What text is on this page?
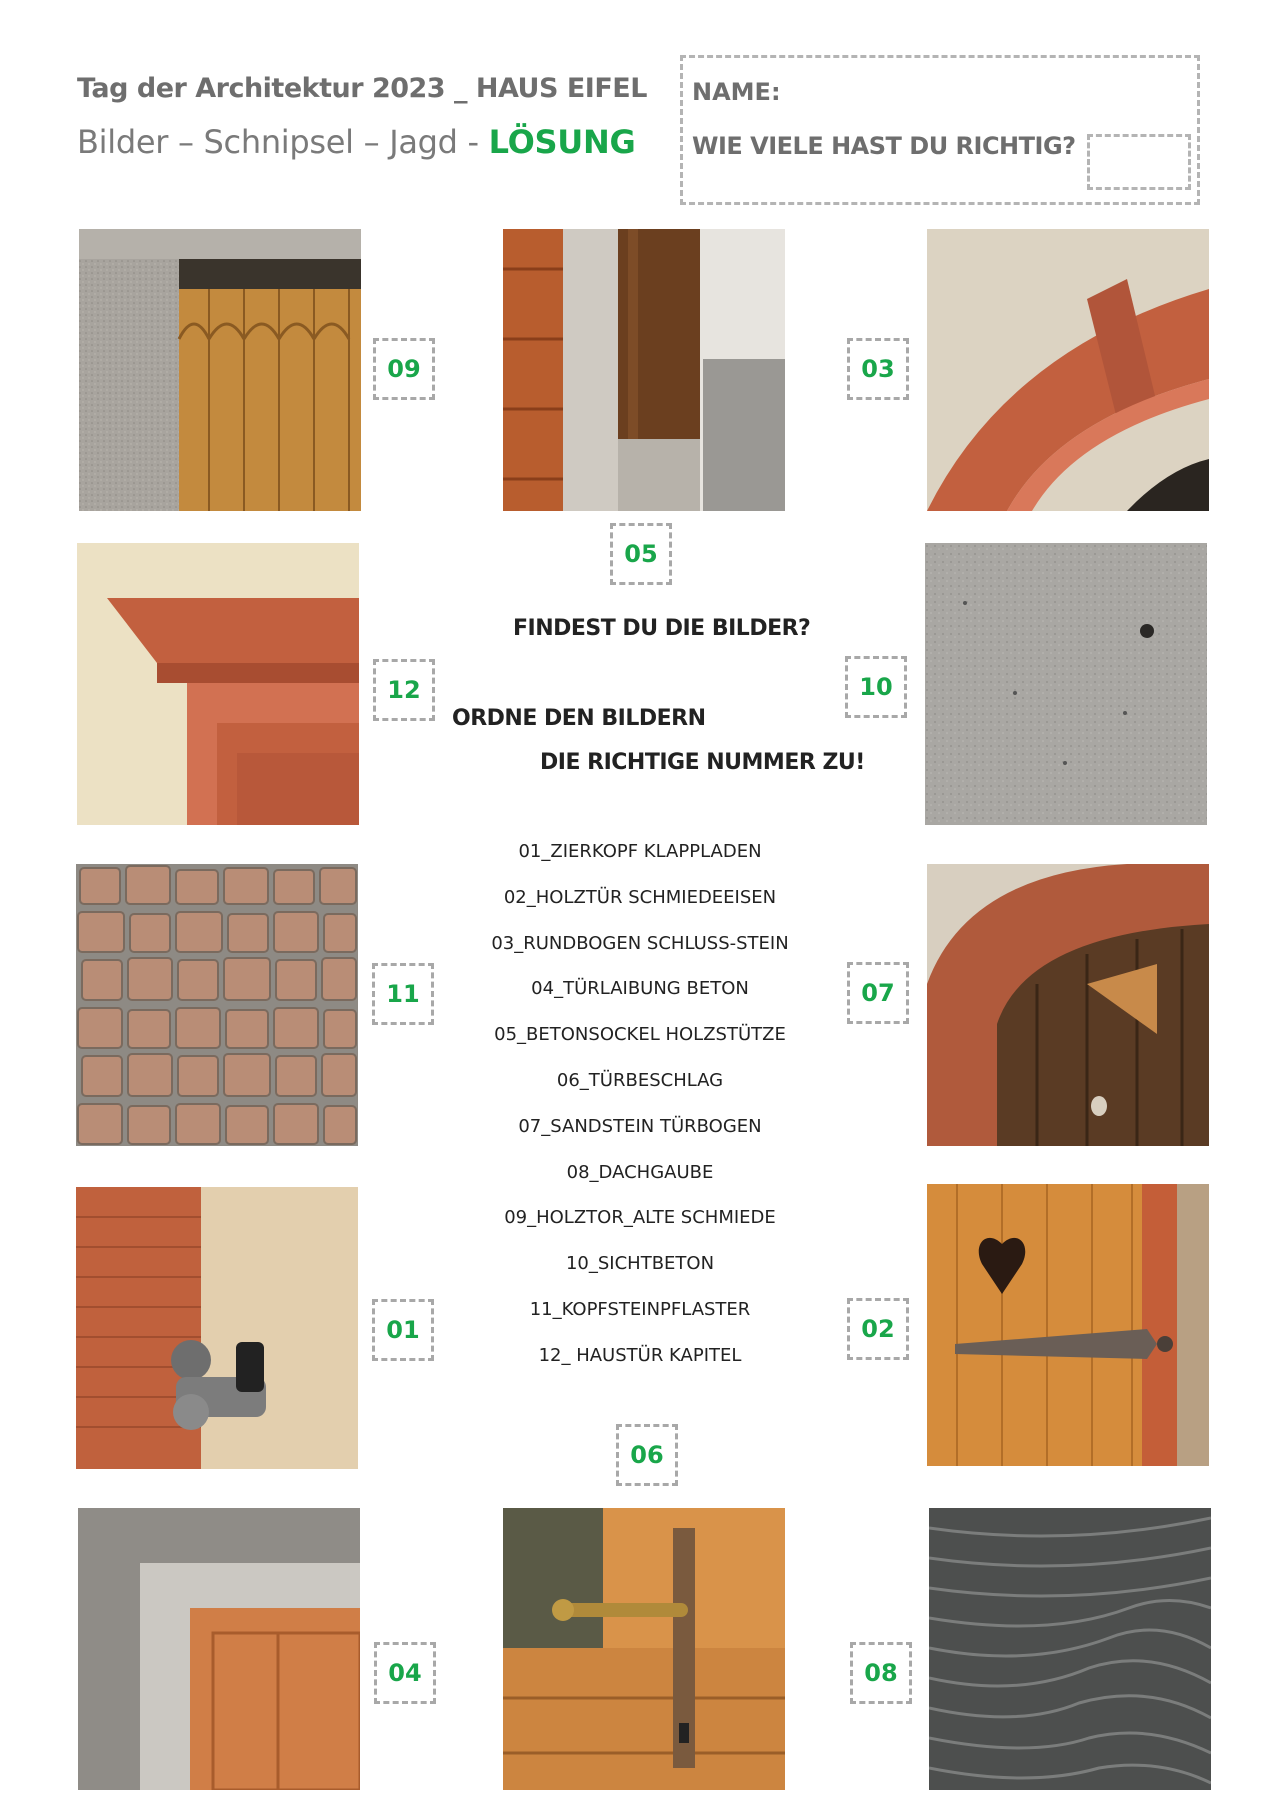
Tag der Architektur 2023 _ HAUS EIFEL
Bilder – Schnipsel – Jagd - LÖSUNG
NAME:
WIE VIELE HAST DU RICHTIG?
09
05
03
12	10
FINDEST DU DIE BILDER?
ORDNE DEN BILDERN
DIE RICHTIGE NUMMER ZU!
01_ZIERKOPF KLAPPLADEN
02_HOLZTÜR SCHMIEDEEISEN
03_RUNDBOGEN SCHLUSS-STEIN
04_TÜRLAIBUNG BETON
05_BETONSOCKEL HOLZSTÜTZE
06_TÜRBESCHLAG
07_SANDSTEIN TÜRBOGEN
08_DACHGAUBE
09_HOLZTOR_ALTE SCHMIEDE
10_SICHTBETON
11_KOPFSTEINPFLASTER
12_ HAUSTÜR KAPITEL
11	07
01	02
06
04	08
